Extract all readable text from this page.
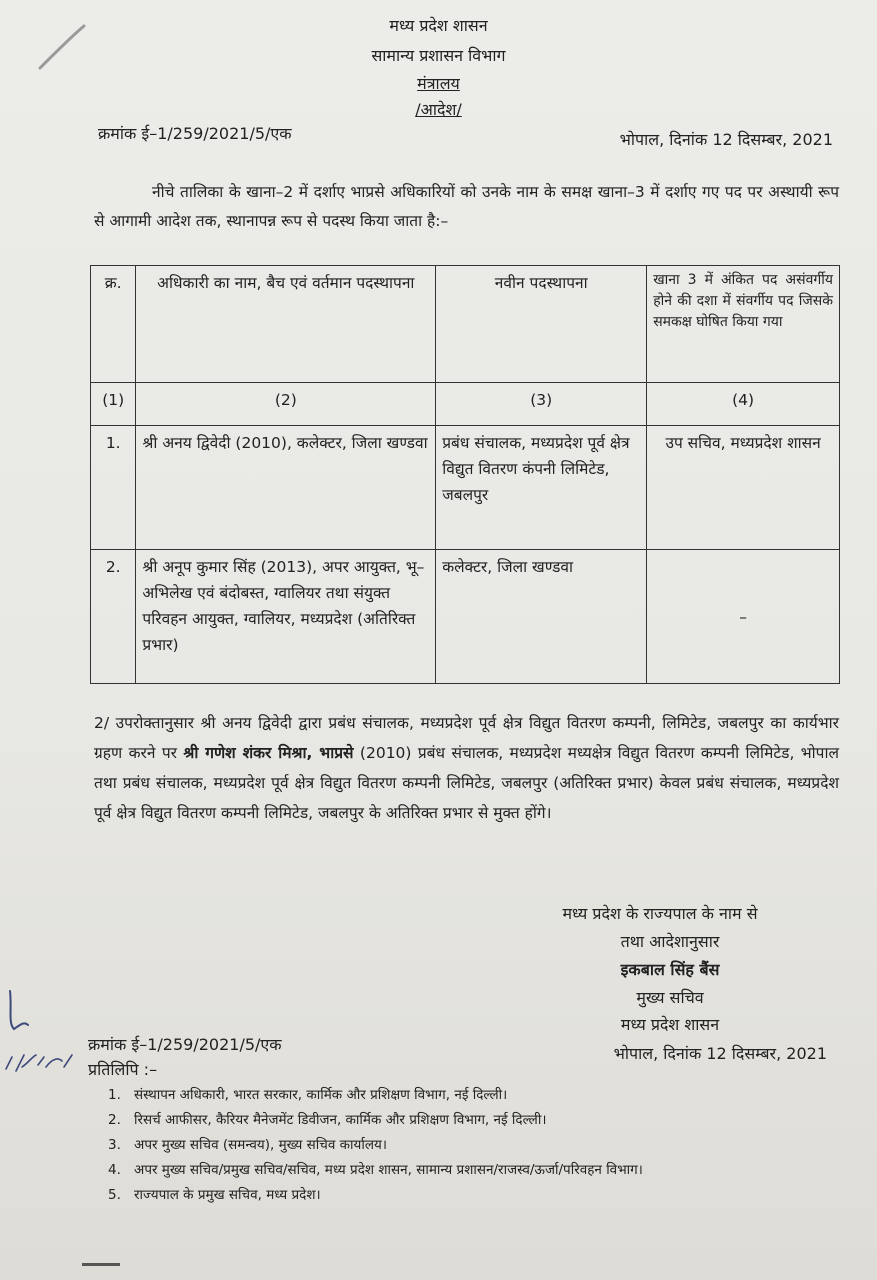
मध्य प्रदेश शासन
सामान्य प्रशासन विभाग
मंत्रालय
/आदेश/
क्रमांक ई–1/259/2021/5/एक	भोपाल, दिनांक 12 दिसम्बर, 2021
नीचे तालिका के खाना–2 में दर्शाए भाप्रसे अधिकारियों को उनके नाम के समक्ष खाना–3 में दर्शाए गए पद पर अस्थायी रूप से आगामी आदेश तक, स्थानापन्न रूप से पदस्थ किया जाता है:–
क्र.	अधिकारी का नाम, बैच एवं वर्तमान पदस्थापना	नवीन पदस्थापना	खाना 3 में अंकित पद असंवर्गीय होने की दशा में संवर्गीय पद जिसके समकक्ष घोषित किया गया
(1)	(2)	(3)	(4)
1.	श्री अनय द्विवेदी (2010), कलेक्टर, जिला खण्डवा	प्रबंध संचालक, मध्यप्रदेश पूर्व क्षेत्र विद्युत वितरण कंपनी लिमिटेड, जबलपुर	उप सचिव, मध्यप्रदेश शासन
2.	श्री अनूप कुमार सिंह (2013), अपर आयुक्त, भू–अभिलेख एवं बंदोबस्त, ग्वालियर तथा संयुक्त परिवहन आयुक्त, ग्वालियर, मध्यप्रदेश (अतिरिक्त प्रभार)	कलेक्टर, जिला खण्डवा	–
2/ उपरोक्तानुसार श्री अनय द्विवेदी द्वारा प्रबंध संचालक, मध्यप्रदेश पूर्व क्षेत्र विद्युत वितरण कम्पनी, लिमिटेड, जबलपुर का कार्यभार ग्रहण करने पर श्री गणेश शंकर मिश्रा, भाप्रसे (2010) प्रबंध संचालक, मध्यप्रदेश मध्यक्षेत्र विद्युत वितरण कम्पनी लिमिटेड, भोपाल तथा प्रबंध संचालक, मध्यप्रदेश पूर्व क्षेत्र विद्युत वितरण कम्पनी लिमिटेड, जबलपुर (अतिरिक्त प्रभार) केवल प्रबंध संचालक, मध्यप्रदेश पूर्व क्षेत्र विद्युत वितरण कम्पनी लिमिटेड, जबलपुर के अतिरिक्त प्रभार से मुक्त होंगे।
मध्य प्रदेश के राज्यपाल के नाम से
तथा आदेशानुसार
इकबाल सिंह बैंस
मुख्य सचिव
मध्य प्रदेश शासन
क्रमांक ई–1/259/2021/5/एक	भोपाल, दिनांक 12 दिसम्बर, 2021
प्रतिलिपि :–
1. संस्थापन अधिकारी, भारत सरकार, कार्मिक और प्रशिक्षण विभाग, नई दिल्ली।
2. रिसर्च आफीसर, कैरियर मैनेजमेंट डिवीजन, कार्मिक और प्रशिक्षण विभाग, नई दिल्ली।
3. अपर मुख्य सचिव (समन्वय), मुख्य सचिव कार्यालय।
4. अपर मुख्य सचिव/प्रमुख सचिव/सचिव, मध्य प्रदेश शासन, सामान्य प्रशासन/राजस्व/ऊर्जा/परिवहन विभाग।
5. राज्यपाल के प्रमुख सचिव, मध्य प्रदेश।
